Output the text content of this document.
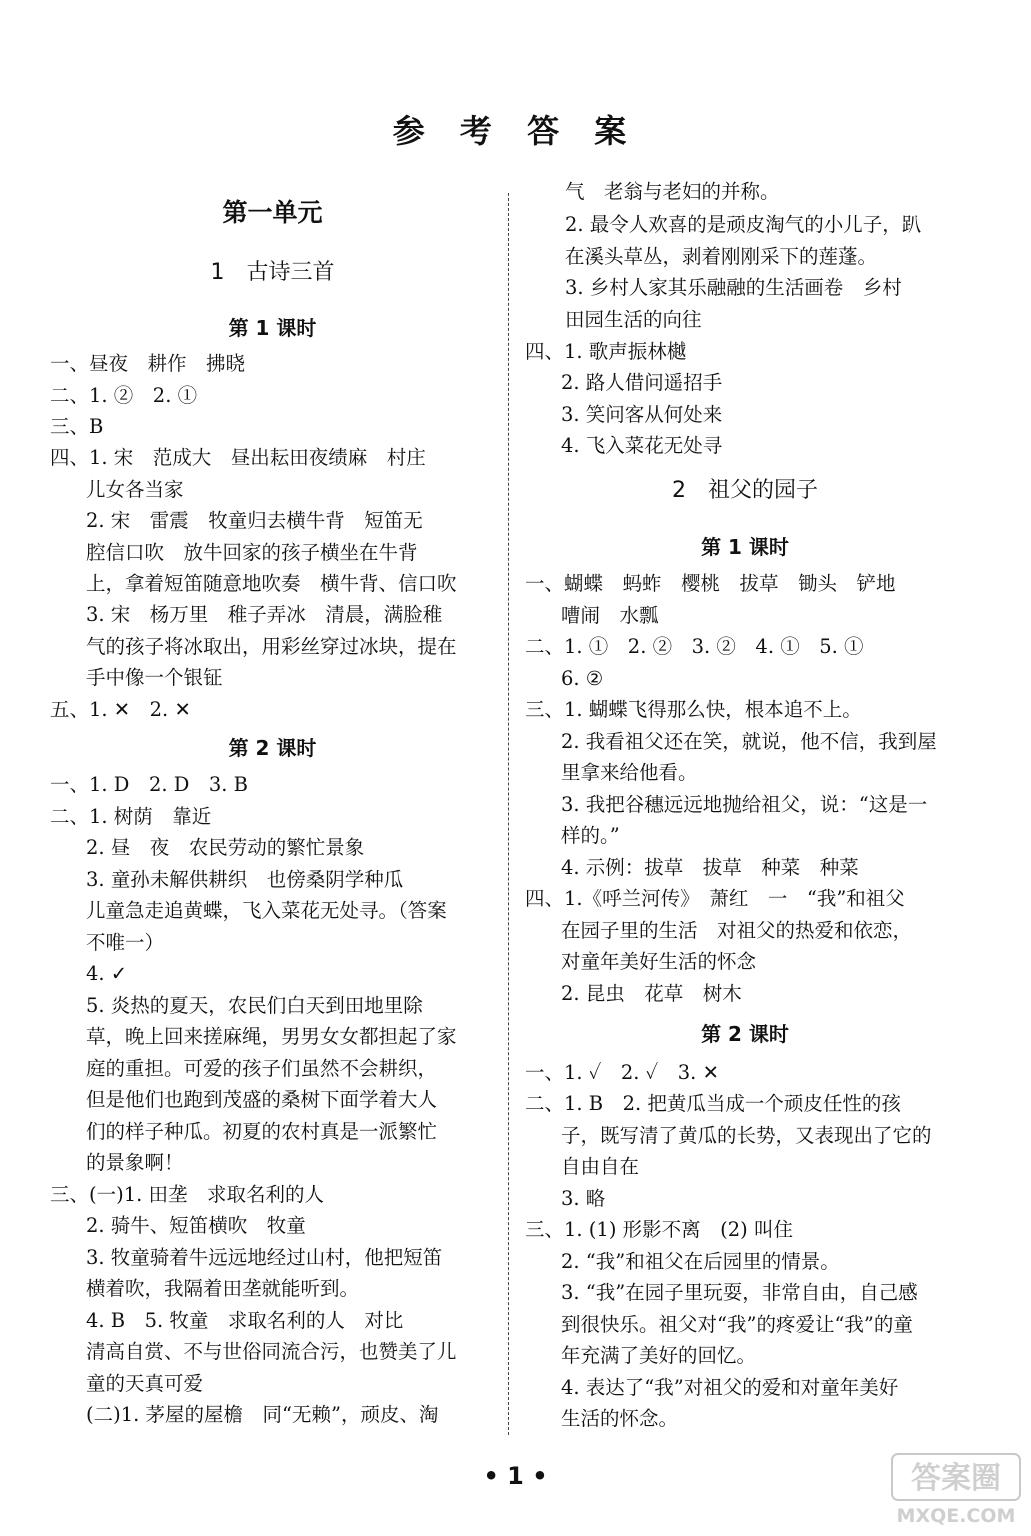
参 考 答 案
第一单元
1　古诗三首
第 1 课时
一、昼夜　耕作　拂晓
二、1. ②　2. ①
三、B
四、1. 宋　范成大　昼出耘田夜绩麻　村庄
儿女各当家
2. 宋　雷震　牧童归去横牛背　短笛无
腔信口吹　放牛回家的孩子横坐在牛背
上，拿着短笛随意地吹奏　横牛背、信口吹
3. 宋　杨万里　稚子弄冰　清晨，满脸稚
气的孩子将冰取出，用彩丝穿过冰块，提在
手中像一个银钲
五、1. ✕　2. ✕
第 2 课时
一、1. D　2. D　3. B
二、1. 树荫　靠近
2. 昼　夜　农民劳动的繁忙景象
3. 童孙未解供耕织　也傍桑阴学种瓜
儿童急走追黄蝶，飞入菜花无处寻。（答案
不唯一）
4. ✓
5. 炎热的夏天，农民们白天到田地里除
草，晚上回来搓麻绳，男男女女都担起了家
庭的重担。可爱的孩子们虽然不会耕织，
但是他们也跑到茂盛的桑树下面学着大人
们的样子种瓜。初夏的农村真是一派繁忙
的景象啊！
三、(一)1. 田垄　求取名利的人
2. 骑牛、短笛横吹　牧童
3. 牧童骑着牛远远地经过山村，他把短笛
横着吹，我隔着田垄就能听到。
4. B　5. 牧童　求取名利的人　对比
清高自赏、不与世俗同流合污，也赞美了儿
童的天真可爱
(二)1. 茅屋的屋檐　同“无赖”，顽皮、淘
气　老翁与老妇的并称。
2. 最令人欢喜的是顽皮淘气的小儿子，趴
在溪头草丛，剥着刚刚采下的莲蓬。
3. 乡村人家其乐融融的生活画卷　乡村
田园生活的向往
四、1. 歌声振林樾
2. 路人借问遥招手
3. 笑问客从何处来
4. 飞入菜花无处寻
2　祖父的园子
第 1 课时
一、蝴蝶　蚂蚱　樱桃　拔草　锄头　铲地
嘈闹　水瓢
二、1. ①　2. ②　3. ②　4. ①　5. ①
6. ②
三、1. 蝴蝶飞得那么快，根本追不上。
2. 我看祖父还在笑，就说，他不信，我到屋
里拿来给他看。
3. 我把谷穗远远地抛给祖父，说：“这是一
样的。”
4. 示例：拔草　拔草　种菜　种菜
四、1.《呼兰河传》　萧红　一　“我”和祖父
在园子里的生活　对祖父的热爱和依恋，
对童年美好生活的怀念
2. 昆虫　花草　树木
第 2 课时
一、1. ✓　2. ✓　3. ✕
二、1. B　2. 把黄瓜当成一个顽皮任性的孩
子，既写清了黄瓜的长势，又表现出了它的
自由自在
3. 略
三、1. (1) 形影不离　(2) 叫住
2. “我”和祖父在后园里的情景。
3. “我”在园子里玩耍，非常自由，自己感
到很快乐。祖父对“我”的疼爱让“我”的童
年充满了美好的回忆。
4. 表达了“我”对祖父的爱和对童年美好
生活的怀念。
• 1 •	答案圈
MXQE.COM
